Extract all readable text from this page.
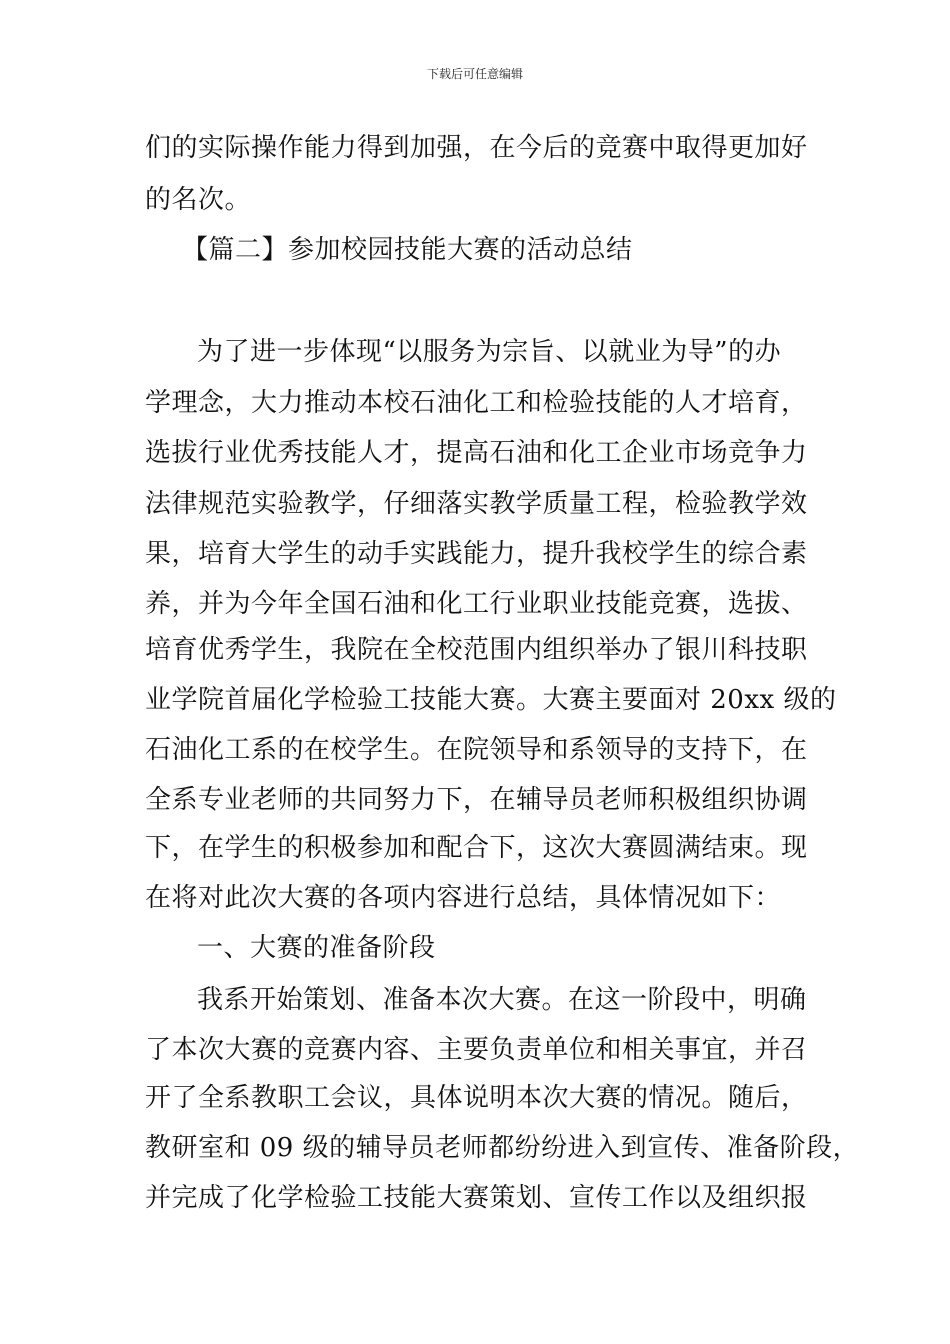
下载后可任意编辑
们的实际操作能力得到加强，在今后的竞赛中取得更加好
的名次。
【篇二】参加校园技能大赛的活动总结
为了进一步体现“以服务为宗旨、以就业为导”的办
学理念，大力推动本校石油化工和检验技能的人才培育，
选拔行业优秀技能人才，提高石油和化工企业市场竞争力
法律规范实验教学，仔细落实教学质量工程，检验教学效
果，培育大学生的动手实践能力，提升我校学生的综合素
养，并为今年全国石油和化工行业职业技能竞赛，选拔、
培育优秀学生，我院在全校范围内组织举办了银川科技职
业学院首届化学检验工技能大赛。大赛主要面对 20xx 级的
石油化工系的在校学生。在院领导和系领导的支持下，在
全系专业老师的共同努力下，在辅导员老师积极组织协调
下，在学生的积极参加和配合下，这次大赛圆满结束。现
在将对此次大赛的各项内容进行总结，具体情况如下：
一、大赛的准备阶段
我系开始策划、准备本次大赛。在这一阶段中，明确
了本次大赛的竞赛内容、主要负责单位和相关事宜，并召
开了全系教职工会议，具体说明本次大赛的情况。随后，
教研室和 09 级的辅导员老师都纷纷进入到宣传、准备阶段，
并完成了化学检验工技能大赛策划、宣传工作以及组织报
